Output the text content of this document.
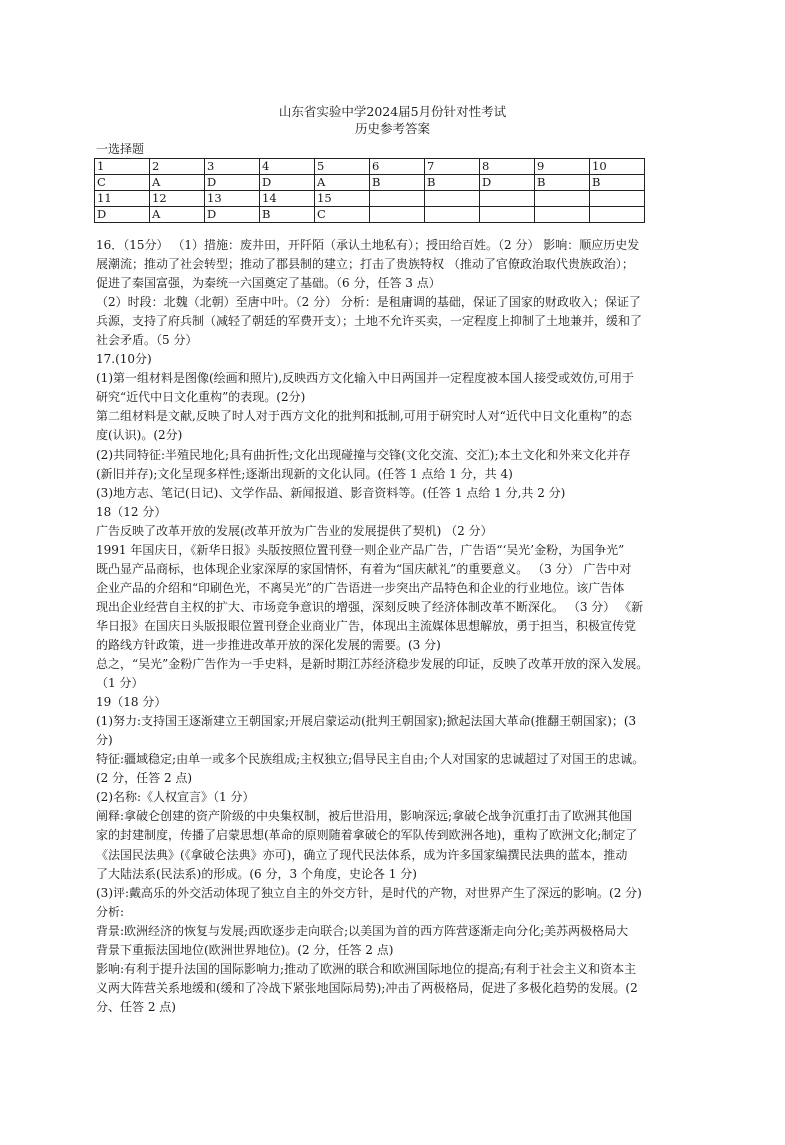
山东省实验中学2024届5月份针对性考试
历史参考答案
一选择题
1	2	3	4	5	6	7	8	9	10
C	A	D	D	A	B	B	D	B	B
11	12	13	14	15					
D	A	D	B	C					

16．（15分） （1）措施：废井田，开阡陌（承认土地私有）；授田给百姓。（2 分） 影响：顺应历史发

展潮流；推动了社会转型；推动了郡县制的建立；打击了贵族特权 （推动了官僚政治取代贵族政治）；

促进了秦国富强，为秦统一六国奠定了基础。（6 分，任答 3 点）

（2）时段：北魏（北朝）至唐中叶。（2 分） 分析：是租庸调的基础，保证了国家的财政收入；保证了

兵源，支持了府兵制（减轻了朝廷的军费开支）；土地不允许买卖，一定程度上抑制了土地兼并，缓和了

社会矛盾。（5 分）

17.(10分)

(1)第一组材料是图像(绘画和照片),反映西方文化输入中日两国并一定程度被本国人接受或效仿,可用于

研究“近代中日文化重构”的表现。(2分)

第二组材料是文献,反映了时人对于西方文化的批判和抵制,可用于研究时人对“近代中日文化重构”的态

度(认识)。(2分)

(2)共同特征:半殖民地化;具有曲折性;文化出现碰撞与交锋(文化交流、交汇);本土文化和外来文化并存

(新旧并存);文化呈现多样性;逐渐出现新的文化认同。(任答 1 点给 1 分，共 4)

(3)地方志、笔记(日记)、文学作品、新闻报道、影音资料等。(任答 1 点给 1 分,共 2 分)

18（12 分）

广告反映了改革开放的发展(改革开放为广告业的发展提供了契机) （2 分）

1991 年国庆日，《新华日报》头版按照位置刊登一则企业产品广告，广告语“‘吴光’金粉，为国争光”

既凸显产品商标，也体现企业家深厚的家国情怀，有着为“国庆献礼”的重要意义。 （3 分） 广告中对

企业产品的介绍和“印刷色光，不离吴光”的广告语进一步突出产品特色和企业的行业地位。该广告体

现出企业经营自主权的扩大、市场竞争意识的增强，深刻反映了经济体制改革不断深化。 （3 分） 《新

华日报》在国庆日头版报眼位置刊登企业商业广告，体现出主流媒体思想解放，勇于担当，积极宣传党

的路线方针政策，进一步推进改革开放的深化发展的需要。(3 分)

总之，“吴光”金粉广告作为一手史料，是新时期江苏经济稳步发展的印证，反映了改革开放的深入发展。

（1 分）

19（18 分）

(1)努力:支持国王逐渐建立王朝国家;开展启蒙运动(批判王朝国家);掀起法国大革命(推翻王朝国家)；(3

分)

特征:疆域稳定;由单一或多个民族组成;主权独立;倡导民主自由;个人对国家的忠诚超过了对国王的忠诚。

(2 分，任答 2 点)

(2)名称:《人权宣言》（1 分）

阐释:拿破仑创建的资产阶级的中央集权制，被后世沿用，影响深远;拿破仑战争沉重打击了欧洲其他国

家的封建制度，传播了启蒙思想(革命的原则随着拿破仑的军队传到欧洲各地)，重构了欧洲文化;制定了

《法国民法典》(《拿破仑法典》亦可)，确立了现代民法体系，成为许多国家编撰民法典的蓝本，推动

了大陆法系(民法系)的形成。(6 分，3 个角度，史论各 1 分)

(3)评:戴高乐的外交活动体现了独立自主的外交方针，是时代的产物，对世界产生了深远的影响。(2 分)

分析:

背景:欧洲经济的恢复与发展;西欧逐步走向联合;以美国为首的西方阵营逐渐走向分化;美苏两极格局大

背景下重振法国地位(欧洲世界地位)。(2 分，任答 2 点)

影响:有利于提升法国的国际影响力;推动了欧洲的联合和欧洲国际地位的提高;有利于社会主义和资本主

义两大阵营关系地缓和(缓和了冷战下紧张地国际局势);冲击了两极格局，促进了多极化趋势的发展。(2

分、任答 2 点)
